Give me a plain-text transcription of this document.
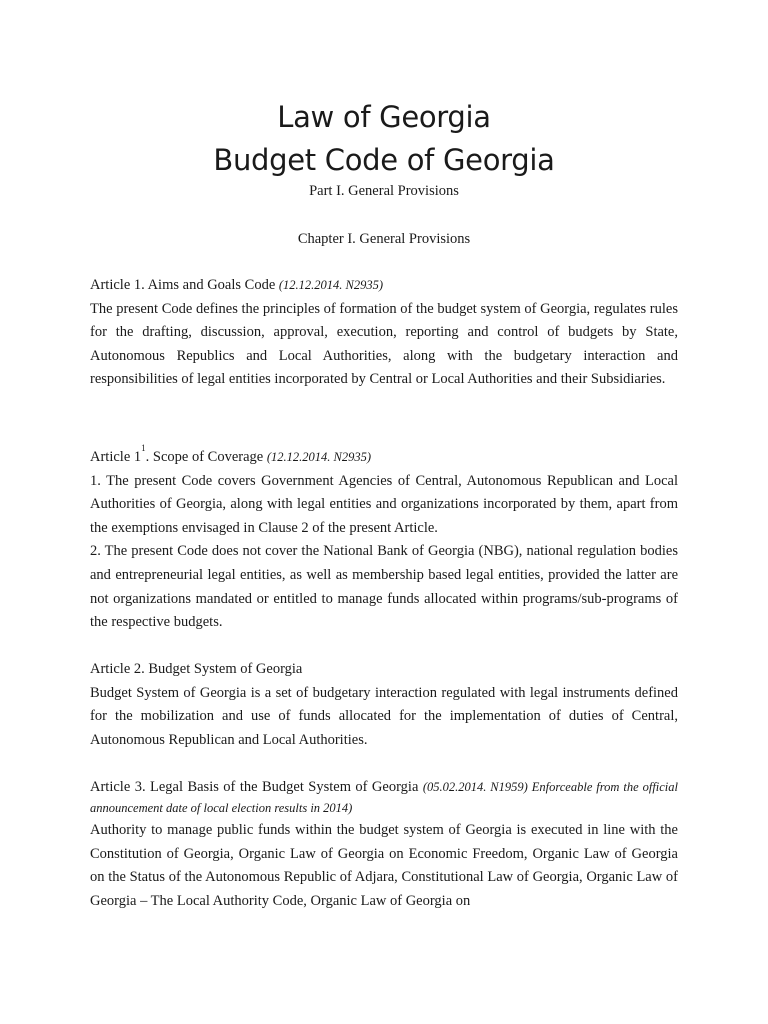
Law of Georgia
Budget Code of Georgia
Part I. General Provisions
Chapter I. General Provisions

Article 1. Aims and Goals Code (12.12.2014. N2935)

The present Code defines the principles of formation of the budget system of Georgia, regulates rules for the drafting, discussion, approval, execution, reporting and control of budgets by State, Autonomous Republics and Local Authorities, along with the budgetary interaction and responsibilities of legal entities incorporated by Central or Local Authorities and their Subsidiaries.

Article $1^1$. Scope of Coverage (12.12.2014. N2935)

1. The present Code covers Government Agencies of Central, Autonomous Republican and Local Authorities of Georgia, along with legal entities and organizations incorporated by them, apart from the exemptions envisaged in Clause 2 of the present Article.

2. The present Code does not cover the National Bank of Georgia (NBG), national regulation bodies and entrepreneurial legal entities, as well as membership based legal entities, provided the latter are not organizations mandated or entitled to manage funds allocated within programs/sub-programs of the respective budgets.

Article 2. Budget System of Georgia

Budget System of Georgia is a set of budgetary interaction regulated with legal instruments defined for the mobilization and use of funds allocated for the implementation of duties of Central, Autonomous Republican and Local Authorities.

Article 3. Legal Basis of the Budget System of Georgia (05.02.2014. N1959) Enforceable from the official announcement date of local election results in 2014)

Authority to manage public funds within the budget system of Georgia is executed in line with the Constitution of Georgia, Organic Law of Georgia on Economic Freedom, Organic Law of Georgia on the Status of the Autonomous Republic of Adjara, Constitutional Law of Georgia, Organic Law of Georgia – The Local Authority Code, Organic Law of Georgia on
